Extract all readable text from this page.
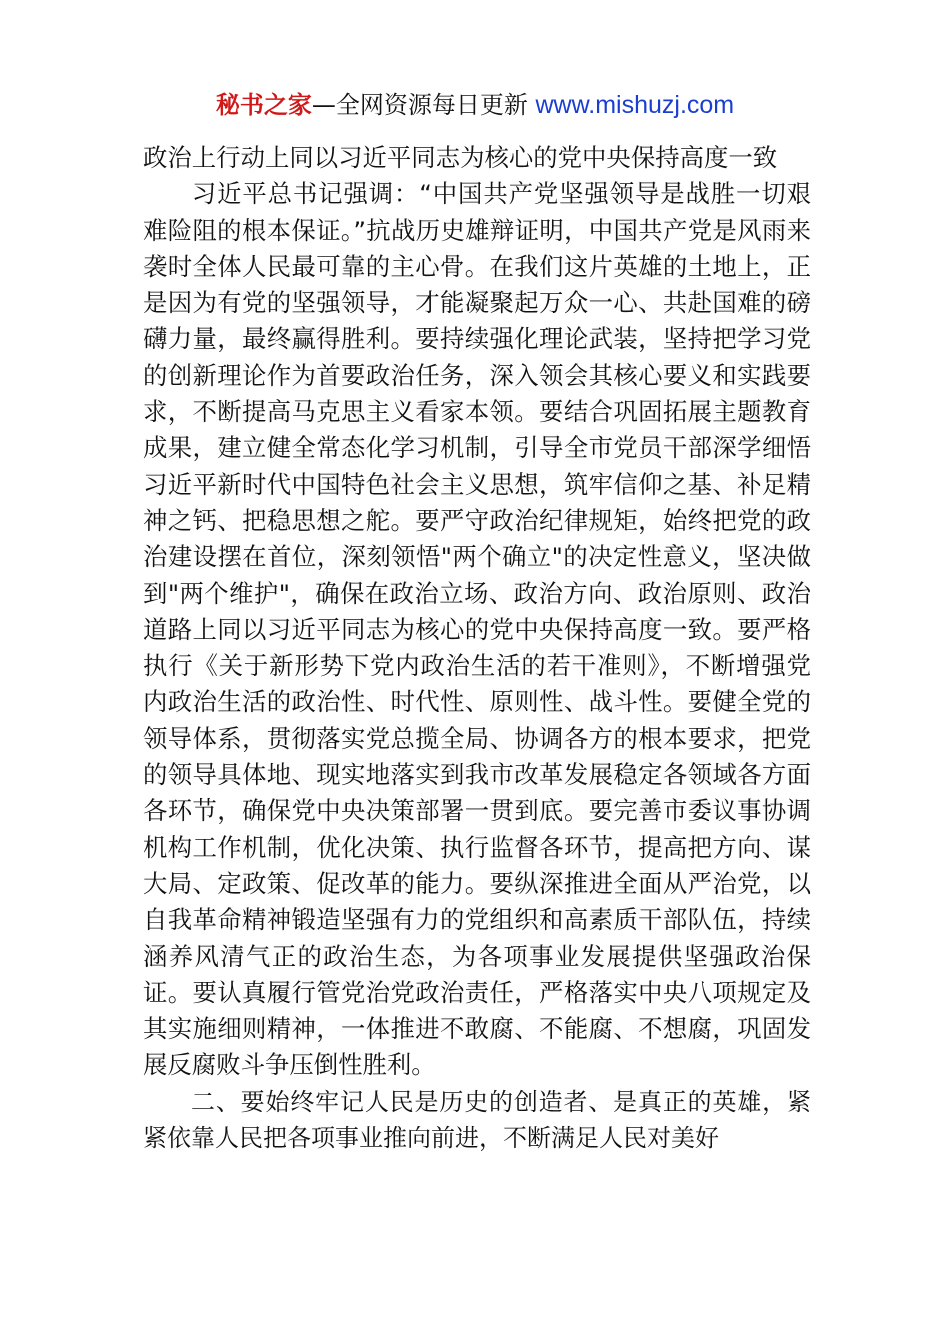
秘书之家—全网资源每日更新 www.mishuzj.com

政治上行动上同以习近平同志为核心的党中央保持高度一致

习近平总书记强调：“中国共产党坚强领导是战胜一切艰难险阻的根本保证。”抗战历史雄辩证明，中国共产党是风雨来袭时全体人民最可靠的主心骨。在我们这片英雄的土地上，正是因为有党的坚强领导，才能凝聚起万众一心、共赴国难的磅礴力量，最终赢得胜利。要持续强化理论武装，坚持把学习党的创新理论作为首要政治任务，深入领会其核心要义和实践要求，不断提高马克思主义看家本领。要结合巩固拓展主题教育成果，建立健全常态化学习机制，引导全市党员干部深学细悟习近平新时代中国特色社会主义思想，筑牢信仰之基、补足精神之钙、把稳思想之舵。要严守政治纪律规矩，始终把党的政治建设摆在首位，深刻领悟"两个确立"的决定性意义，坚决做到"两个维护"，确保在政治立场、政治方向、政治原则、政治道路上同以习近平同志为核心的党中央保持高度一致。要严格执行《关于新形势下党内政治生活的若干准则》，不断增强党内政治生活的政治性、时代性、原则性、战斗性。要健全党的领导体系，贯彻落实党总揽全局、协调各方的根本要求，把党的领导具体地、现实地落实到我市改革发展稳定各领域各方面各环节，确保党中央决策部署一贯到底。要完善市委议事协调机构工作机制，优化决策、执行监督各环节，提高把方向、谋大局、定政策、促改革的能力。要纵深推进全面从严治党，以自我革命精神锻造坚强有力的党组织和高素质干部队伍，持续涵养风清气正的政治生态，为各项事业发展提供坚强政治保证。要认真履行管党治党政治责任，严格落实中央八项规定及其实施细则精神，一体推进不敢腐、不能腐、不想腐，巩固发展反腐败斗争压倒性胜利。

二、要始终牢记人民是历史的创造者、是真正的英雄，紧紧依靠人民把各项事业推向前进，不断满足人民对美好
